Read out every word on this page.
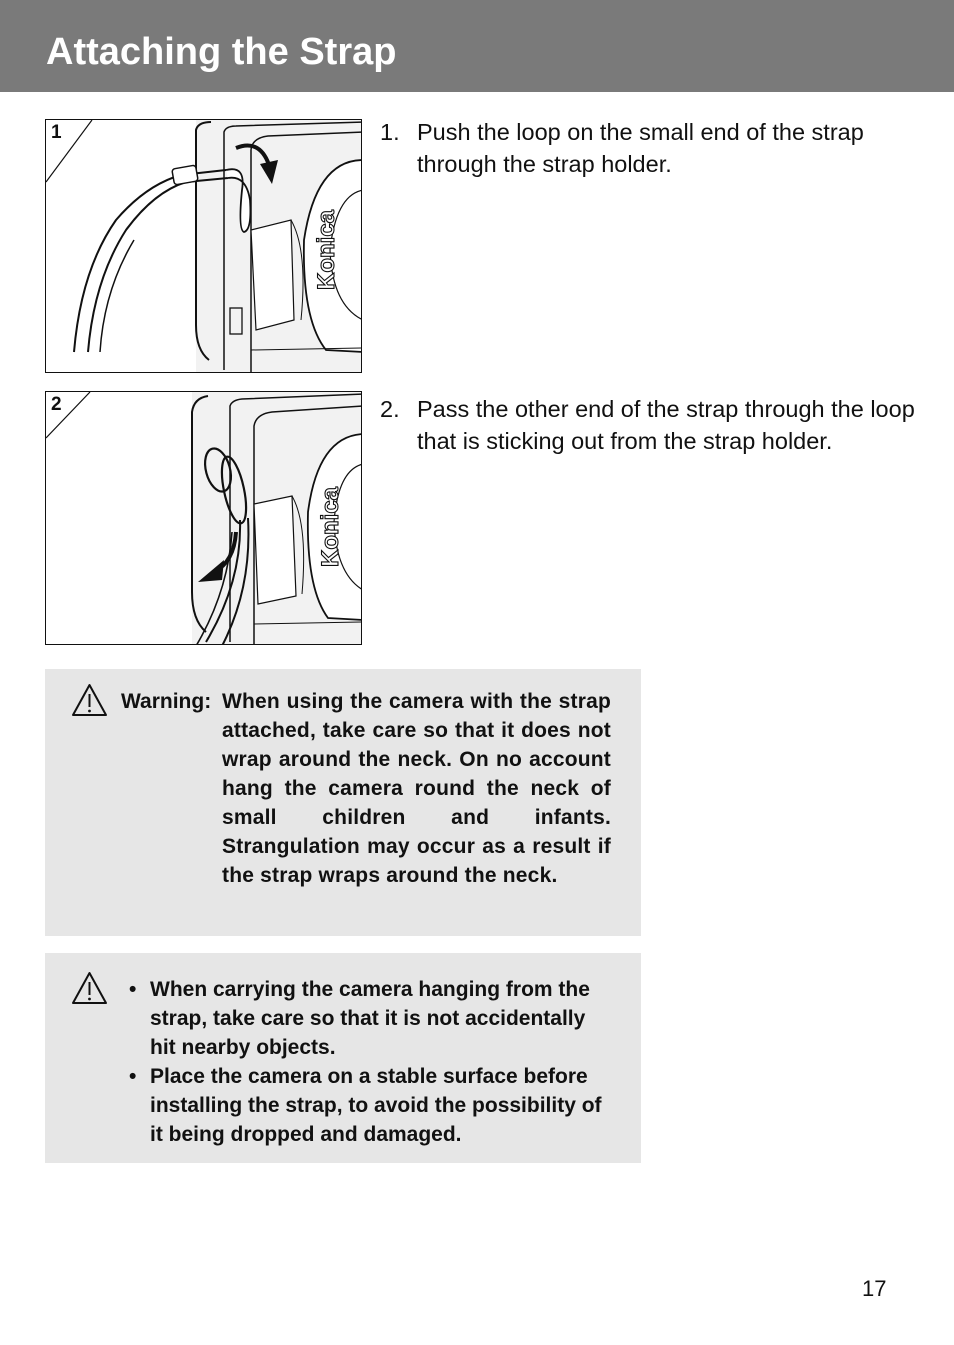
Attaching the Strap
1
Konica
2
Konica
1. Push the loop on the small end of the strap through the strap holder.
2. Pass the other end of the strap through the loop that is sticking out from the strap holder.
Warning: When using the camera with the strap attached, take care so that it does not wrap around the neck. On no account hang the camera round the neck of small children and infants. Strangulation may occur as a result if the strap wraps around the neck.
• When carrying the camera hanging from the strap, take care so that it is not accidentally hit nearby objects.
• Place the camera on a stable surface before installing the strap, to avoid the possibility of it being dropped and damaged.
17
